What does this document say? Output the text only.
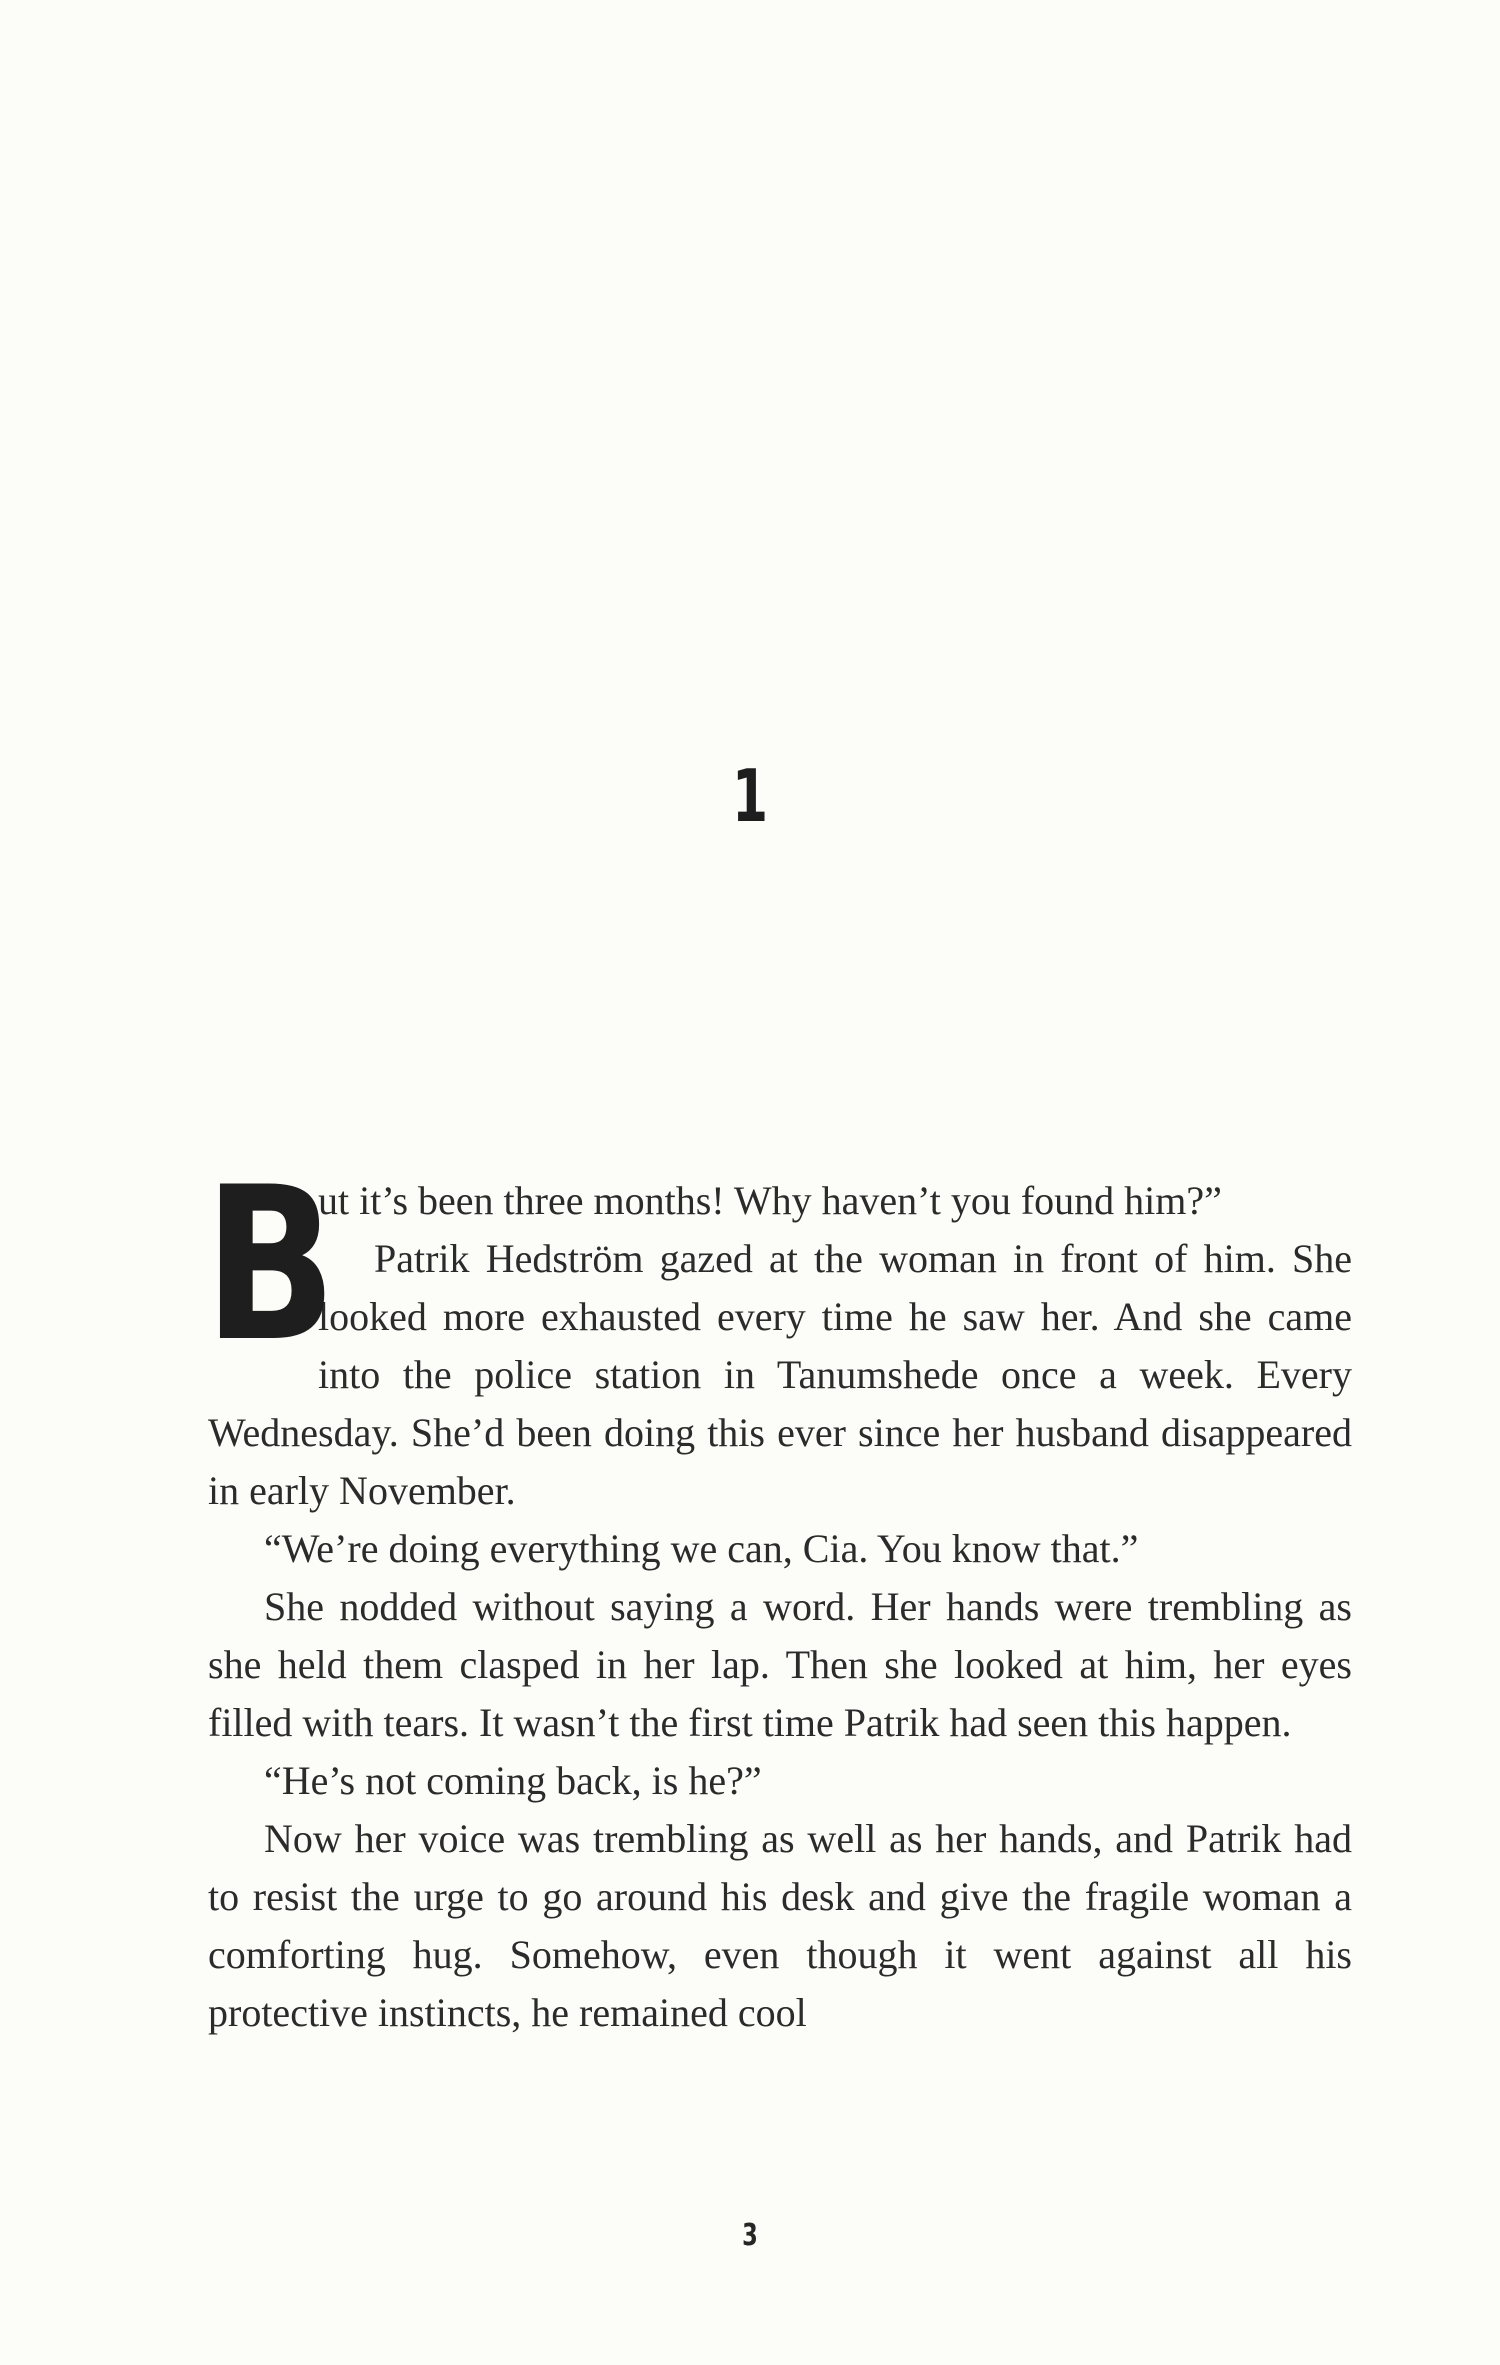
1

B
ut it’s been three months! Why haven’t you found him?”

Patrik Hedström gazed at the woman in front of him. She looked more exhausted every time he saw her. And she came into the police station in Tanumshede once a week. Every Wednesday. She’d been doing this ever since her husband disappeared in early November.

“We’re doing everything we can, Cia. You know that.”

She nodded without saying a word. Her hands were trembling as she held them clasped in her lap. Then she looked at him, her eyes filled with tears. It wasn’t the first time Patrik had seen this happen.

“He’s not coming back, is he?”

Now her voice was trembling as well as her hands, and Patrik had to resist the urge to go around his desk and give the fragile woman a comforting hug. Somehow, even though it went against all his protective instincts, he remained cool

3
